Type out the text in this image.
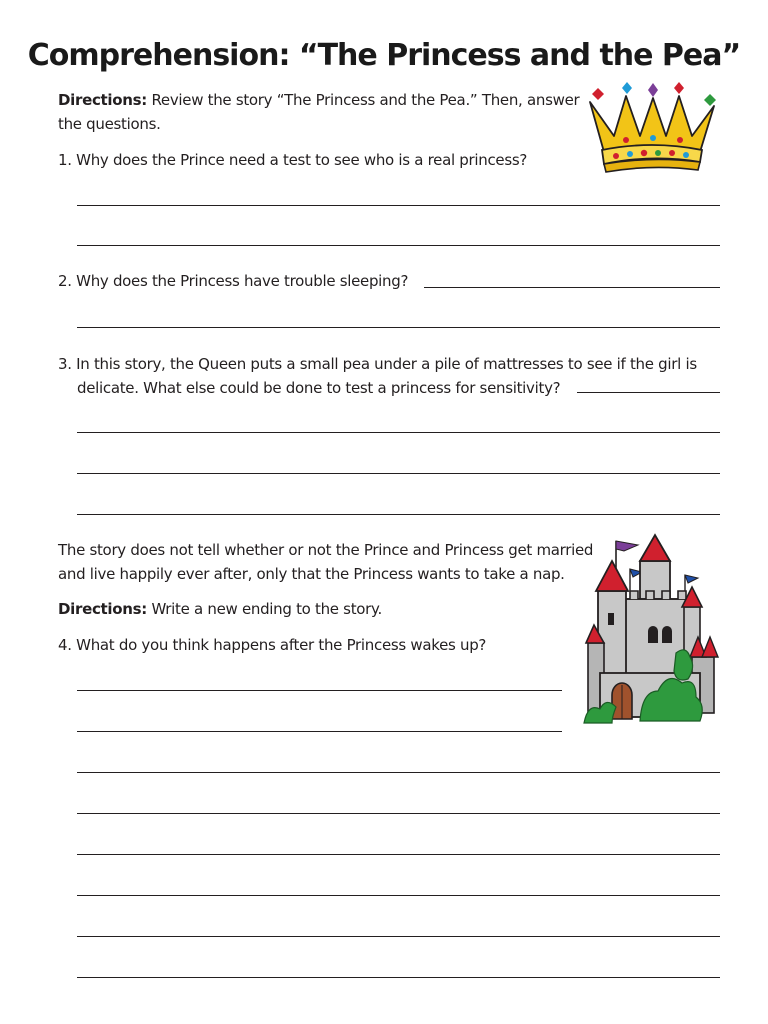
Comprehension: “The Princess and the Pea”
Directions: Review the story “The Princess and the Pea.” Then, answer
the questions.
1. Why does the Prince need a test to see who is a real princess?
2. Why does the Princess have trouble sleeping?
3. In this story, the Queen puts a small pea under a pile of mattresses to see if the girl is
delicate. What else could be done to test a princess for sensitivity?
The story does not tell whether or not the Prince and Princess get married
and live happily ever after, only that the Princess wants to take a nap.
Directions: Write a new ending to the story.
4. What do you think happens after the Princess wakes up?
